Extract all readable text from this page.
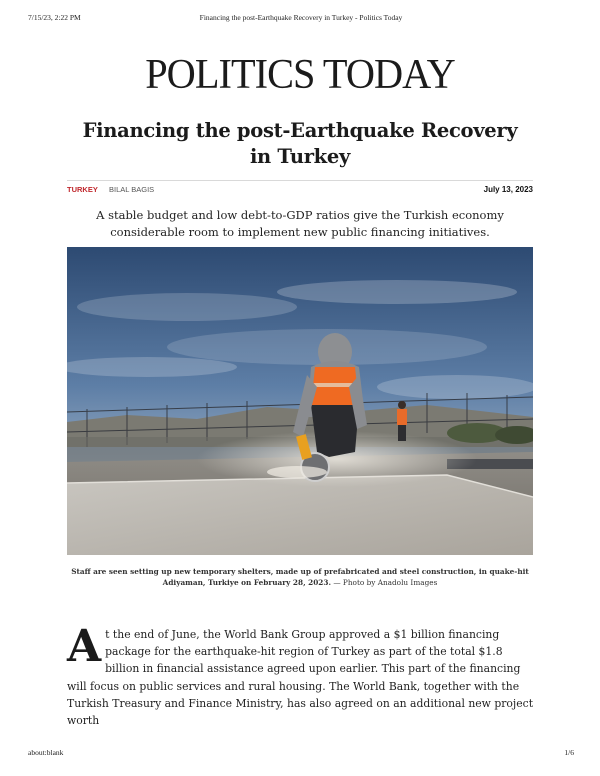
7/15/23, 2:22 PM	Financing the post-Earthquake Recovery in Turkey - Politics Today
POLITICS TODAY
Financing the post-Earthquake Recovery in Turkey
TURKEY BILAL BAGIS	July 13, 2023
A stable budget and low debt-to-GDP ratios give the Turkish economy considerable room to implement new public financing initiatives.
Staff are seen setting up new temporary shelters, made up of prefabricated and steel construction, in quake-hit Adiyaman, Turkiye on February 28, 2023. — Photo by Anadolu Images
At the end of June, the World Bank Group approved a $1 billion financing package for the earthquake-hit region of Turkey as part of the total $1.8 billion in financial assistance agreed upon earlier. This part of the financing will focus on public services and rural housing. The World Bank, together with the Turkish Treasury and Finance Ministry, has also agreed on an additional new project worth
about:blank	1/6
